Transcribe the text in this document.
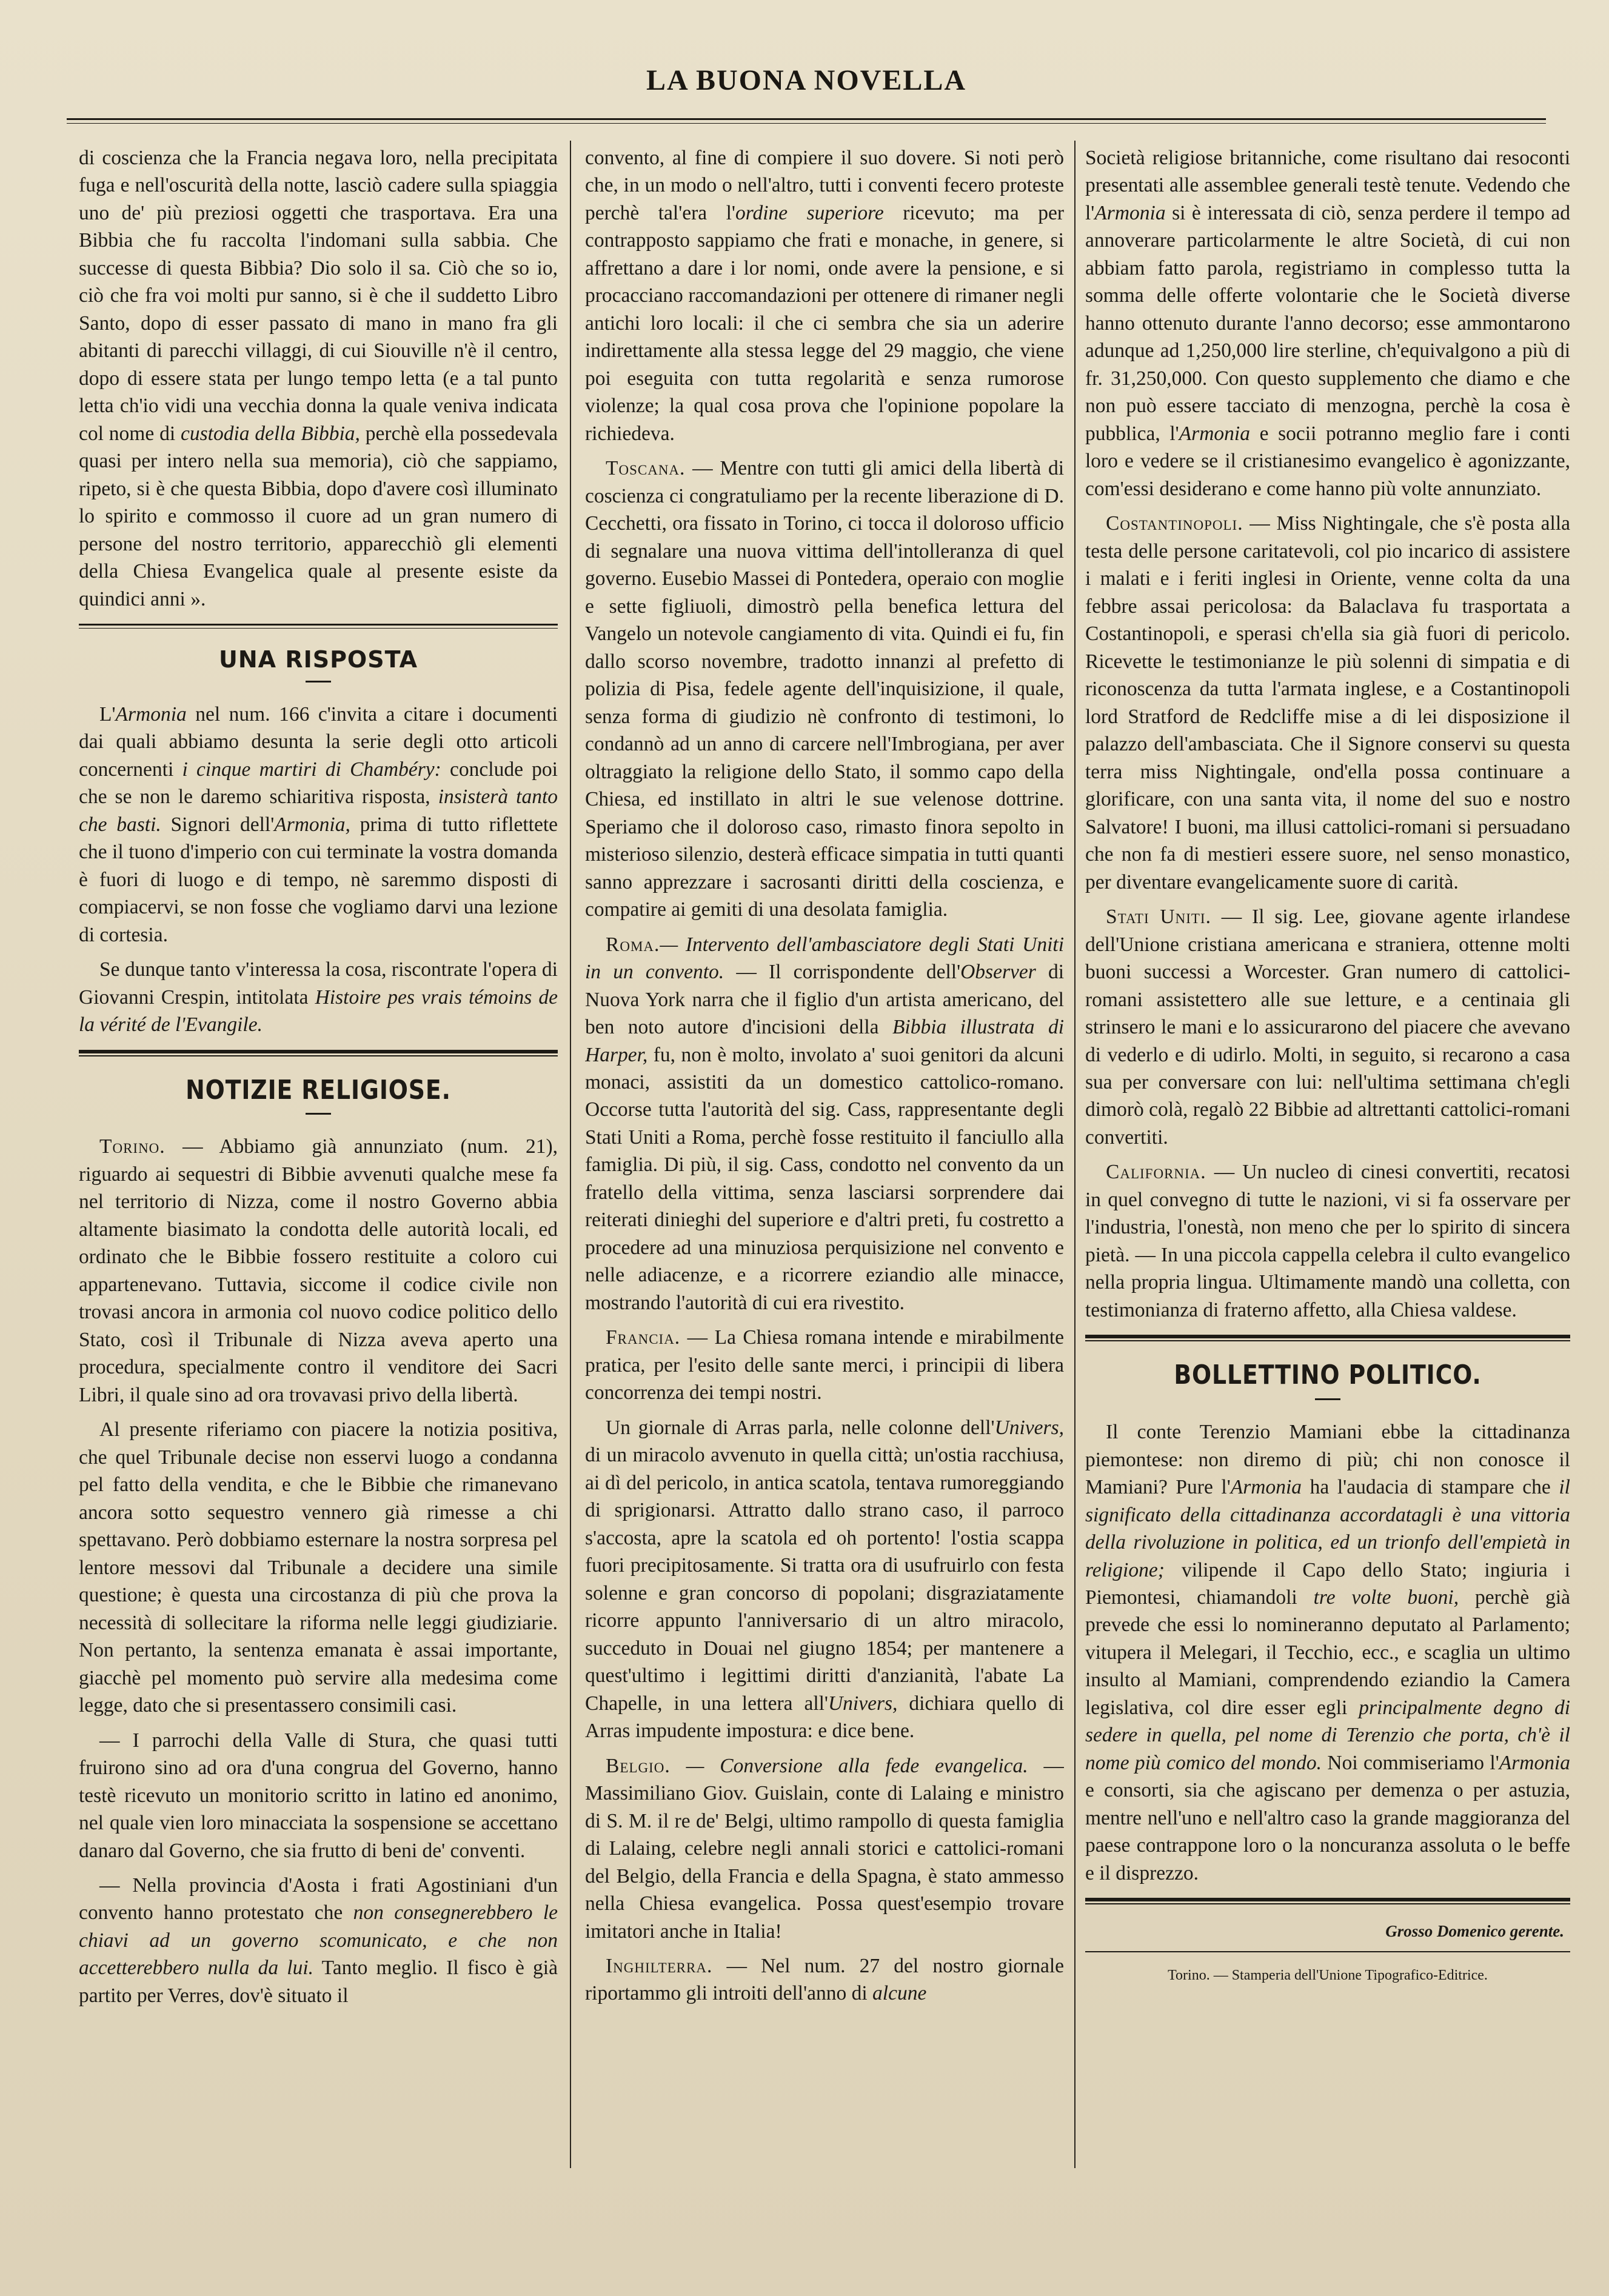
LA BUONA NOVELLA

di coscienza che la Francia negava loro, nella precipitata fuga e nell'oscurità della notte, lasciò cadere sulla spiaggia uno de' più preziosi oggetti che trasportava. Era una Bibbia che fu raccolta l'indomani sulla sabbia. Che successe di questa Bibbia? Dio solo il sa. Ciò che so io, ciò che fra voi molti pur sanno, si è che il suddetto Libro Santo, dopo di esser passato di mano in mano fra gli abitanti di parecchi villaggi, di cui Siouville n'è il centro, dopo di essere stata per lungo tempo letta (e a tal punto letta ch'io vidi una vecchia donna la quale veniva indicata col nome di custodia della Bibbia, perchè ella possedevala quasi per intero nella sua memoria), ciò che sappiamo, ripeto, si è che questa Bibbia, dopo d'avere così illuminato lo spirito e commosso il cuore ad un gran numero di persone del nostro territorio, apparecchiò gli elementi della Chiesa Evangelica quale al presente esiste da quindici anni ».

UNA RISPOSTA

L'Armonia nel num. 166 c'invita a citare i documenti dai quali abbiamo desunta la serie degli otto articoli concernenti i cinque martiri di Chambéry: conclude poi che se non le daremo schiaritiva risposta, insisterà tanto che basti. Signori dell'Armonia, prima di tutto riflettete che il tuono d'imperio con cui terminate la vostra domanda è fuori di luogo e di tempo, nè saremmo disposti di compiacervi, se non fosse che vogliamo darvi una lezione di cortesia.

Se dunque tanto v'interessa la cosa, riscontrate l'opera di Giovanni Crespin, intitolata Histoire pes vrais témoins de la vérité de l'Evangile.

NOTIZIE RELIGIOSE.

Torino. — Abbiamo già annunziato (num. 21), riguardo ai sequestri di Bibbie avvenuti qualche mese fa nel territorio di Nizza, come il nostro Governo abbia altamente biasimato la condotta delle autorità locali, ed ordinato che le Bibbie fossero restituite a coloro cui appartenevano. Tuttavia, siccome il codice civile non trovasi ancora in armonia col nuovo codice politico dello Stato, così il Tribunale di Nizza aveva aperto una procedura, specialmente contro il venditore dei Sacri Libri, il quale sino ad ora trovavasi privo della libertà.

Al presente riferiamo con piacere la notizia positiva, che quel Tribunale decise non esservi luogo a condanna pel fatto della vendita, e che le Bibbie che rimanevano ancora sotto sequestro vennero già rimesse a chi spettavano. Però dobbiamo esternare la nostra sorpresa pel lentore messovi dal Tribunale a decidere una simile questione; è questa una circostanza di più che prova la necessità di sollecitare la riforma nelle leggi giudiziarie. Non pertanto, la sentenza emanata è assai importante, giacchè pel momento può servire alla medesima come legge, dato che si presentassero consimili casi.

— I parrochi della Valle di Stura, che quasi tutti fruirono sino ad ora d'una congrua del Governo, hanno testè ricevuto un monitorio scritto in latino ed anonimo, nel quale vien loro minacciata la sospensione se accettano danaro dal Governo, che sia frutto di beni de' conventi.

— Nella provincia d'Aosta i frati Agostiniani d'un convento hanno protestato che non consegnerebbero le chiavi ad un governo scomunicato, e che non accetterebbero nulla da lui. Tanto meglio. Il fisco è già partito per Verres, dov'è situato il

convento, al fine di compiere il suo dovere. Si noti però che, in un modo o nell'altro, tutti i conventi fecero proteste perchè tal'era l'ordine superiore ricevuto; ma per contrapposto sappiamo che frati e monache, in genere, si affrettano a dare i lor nomi, onde avere la pensione, e si procacciano raccomandazioni per ottenere di rimaner negli antichi loro locali: il che ci sembra che sia un aderire indirettamente alla stessa legge del 29 maggio, che viene poi eseguita con tutta regolarità e senza rumorose violenze; la qual cosa prova che l'opinione popolare la richiedeva.

Toscana. — Mentre con tutti gli amici della libertà di coscienza ci congratuliamo per la recente liberazione di D. Cecchetti, ora fissato in Torino, ci tocca il doloroso ufficio di segnalare una nuova vittima dell'intolleranza di quel governo. Eusebio Massei di Pontedera, operaio con moglie e sette figliuoli, dimostrò pella benefica lettura del Vangelo un notevole cangiamento di vita. Quindi ei fu, fin dallo scorso novembre, tradotto innanzi al prefetto di polizia di Pisa, fedele agente dell'inquisizione, il quale, senza forma di giudizio nè confronto di testimoni, lo condannò ad un anno di carcere nell'Imbrogiana, per aver oltraggiato la religione dello Stato, il sommo capo della Chiesa, ed instillato in altri le sue velenose dottrine. Speriamo che il doloroso caso, rimasto finora sepolto in misterioso silenzio, desterà efficace simpatia in tutti quanti sanno apprezzare i sacrosanti diritti della coscienza, e compatire ai gemiti di una desolata famiglia.

Roma.— Intervento dell'ambasciatore degli Stati Uniti in un convento. — Il corrispondente dell'Observer di Nuova York narra che il figlio d'un artista americano, del ben noto autore d'incisioni della Bibbia illustrata di Harper, fu, non è molto, involato a' suoi genitori da alcuni monaci, assistiti da un domestico cattolico-romano. Occorse tutta l'autorità del sig. Cass, rappresentante degli Stati Uniti a Roma, perchè fosse restituito il fanciullo alla famiglia. Di più, il sig. Cass, condotto nel convento da un fratello della vittima, senza lasciarsi sorprendere dai reiterati dinieghi del superiore e d'altri preti, fu costretto a procedere ad una minuziosa perquisizione nel convento e nelle adiacenze, e a ricorrere eziandio alle minacce, mostrando l'autorità di cui era rivestito.

Francia. — La Chiesa romana intende e mirabilmente pratica, per l'esito delle sante merci, i principii di libera concorrenza dei tempi nostri.

Un giornale di Arras parla, nelle colonne dell'Univers, di un miracolo avvenuto in quella città; un'ostia racchiusa, ai dì del pericolo, in antica scatola, tentava rumoreggiando di sprigionarsi. Attratto dallo strano caso, il parroco s'accosta, apre la scatola ed oh portento! l'ostia scappa fuori precipitosamente. Si tratta ora di usufruirlo con festa solenne e gran concorso di popolani; disgraziatamente ricorre appunto l'anniversario di un altro miracolo, succeduto in Douai nel giugno 1854; per mantenere a quest'ultimo i legittimi diritti d'anzianità, l'abate La Chapelle, in una lettera all'Univers, dichiara quello di Arras impudente impostura: e dice bene.

Belgio. — Conversione alla fede evangelica. — Massimiliano Giov. Guislain, conte di Lalaing e ministro di S. M. il re de' Belgi, ultimo rampollo di questa famiglia di Lalaing, celebre negli annali storici e cattolici-romani del Belgio, della Francia e della Spagna, è stato ammesso nella Chiesa evangelica. Possa quest'esempio trovare imitatori anche in Italia!

Inghilterra. — Nel num. 27 del nostro giornale riportammo gli introiti dell'anno di alcune

Società religiose britanniche, come risultano dai resoconti presentati alle assemblee generali testè tenute. Vedendo che l'Armonia si è interessata di ciò, senza perdere il tempo ad annoverare particolarmente le altre Società, di cui non abbiam fatto parola, registriamo in complesso tutta la somma delle offerte volontarie che le Società diverse hanno ottenuto durante l'anno decorso; esse ammontarono adunque ad 1,250,000 lire sterline, ch'equivalgono a più di fr. 31,250,000. Con questo supplemento che diamo e che non può essere tacciato di menzogna, perchè la cosa è pubblica, l'Armonia e socii potranno meglio fare i conti loro e vedere se il cristianesimo evangelico è agonizzante, com'essi desiderano e come hanno più volte annunziato.

Costantinopoli. — Miss Nightingale, che s'è posta alla testa delle persone caritatevoli, col pio incarico di assistere i malati e i feriti inglesi in Oriente, venne colta da una febbre assai pericolosa: da Balaclava fu trasportata a Costantinopoli, e sperasi ch'ella sia già fuori di pericolo. Ricevette le testimonianze le più solenni di simpatia e di riconoscenza da tutta l'armata inglese, e a Costantinopoli lord Stratford de Redcliffe mise a di lei disposizione il palazzo dell'ambasciata. Che il Signore conservi su questa terra miss Nightingale, ond'ella possa continuare a glorificare, con una santa vita, il nome del suo e nostro Salvatore! I buoni, ma illusi cattolici-romani si persuadano che non fa di mestieri essere suore, nel senso monastico, per diventare evangelicamente suore di carità.

Stati Uniti. — Il sig. Lee, giovane agente irlandese dell'Unione cristiana americana e straniera, ottenne molti buoni successi a Worcester. Gran numero di cattolici-romani assistettero alle sue letture, e a centinaia gli strinsero le mani e lo assicurarono del piacere che avevano di vederlo e di udirlo. Molti, in seguito, si recarono a casa sua per conversare con lui: nell'ultima settimana ch'egli dimorò colà, regalò 22 Bibbie ad altrettanti cattolici-romani convertiti.

California. — Un nucleo di cinesi convertiti, recatosi in quel convegno di tutte le nazioni, vi si fa osservare per l'industria, l'onestà, non meno che per lo spirito di sincera pietà. — In una piccola cappella celebra il culto evangelico nella propria lingua. Ultimamente mandò una colletta, con testimonianza di fraterno affetto, alla Chiesa valdese.

BOLLETTINO POLITICO.

Il conte Terenzio Mamiani ebbe la cittadinanza piemontese: non diremo di più; chi non conosce il Mamiani? Pure l'Armonia ha l'audacia di stampare che il significato della cittadinanza accordatagli è una vittoria della rivoluzione in politica, ed un trionfo dell'empietà in religione; vilipende il Capo dello Stato; ingiuria i Piemontesi, chiamandoli tre volte buoni, perchè già prevede che essi lo nomineranno deputato al Parlamento; vitupera il Melegari, il Tecchio, ecc., e scaglia un ultimo insulto al Mamiani, comprendendo eziandio la Camera legislativa, col dire esser egli principalmente degno di sedere in quella, pel nome di Terenzio che porta, ch'è il nome più comico del mondo. Noi commiseriamo l'Armonia e consorti, sia che agiscano per demenza o per astuzia, mentre nell'uno e nell'altro caso la grande maggioranza del paese contrappone loro o la noncuranza assoluta o le beffe e il disprezzo.

Grosso Domenico gerente.
Torino. — Stamperia dell'Unione Tipografico-Editrice.
